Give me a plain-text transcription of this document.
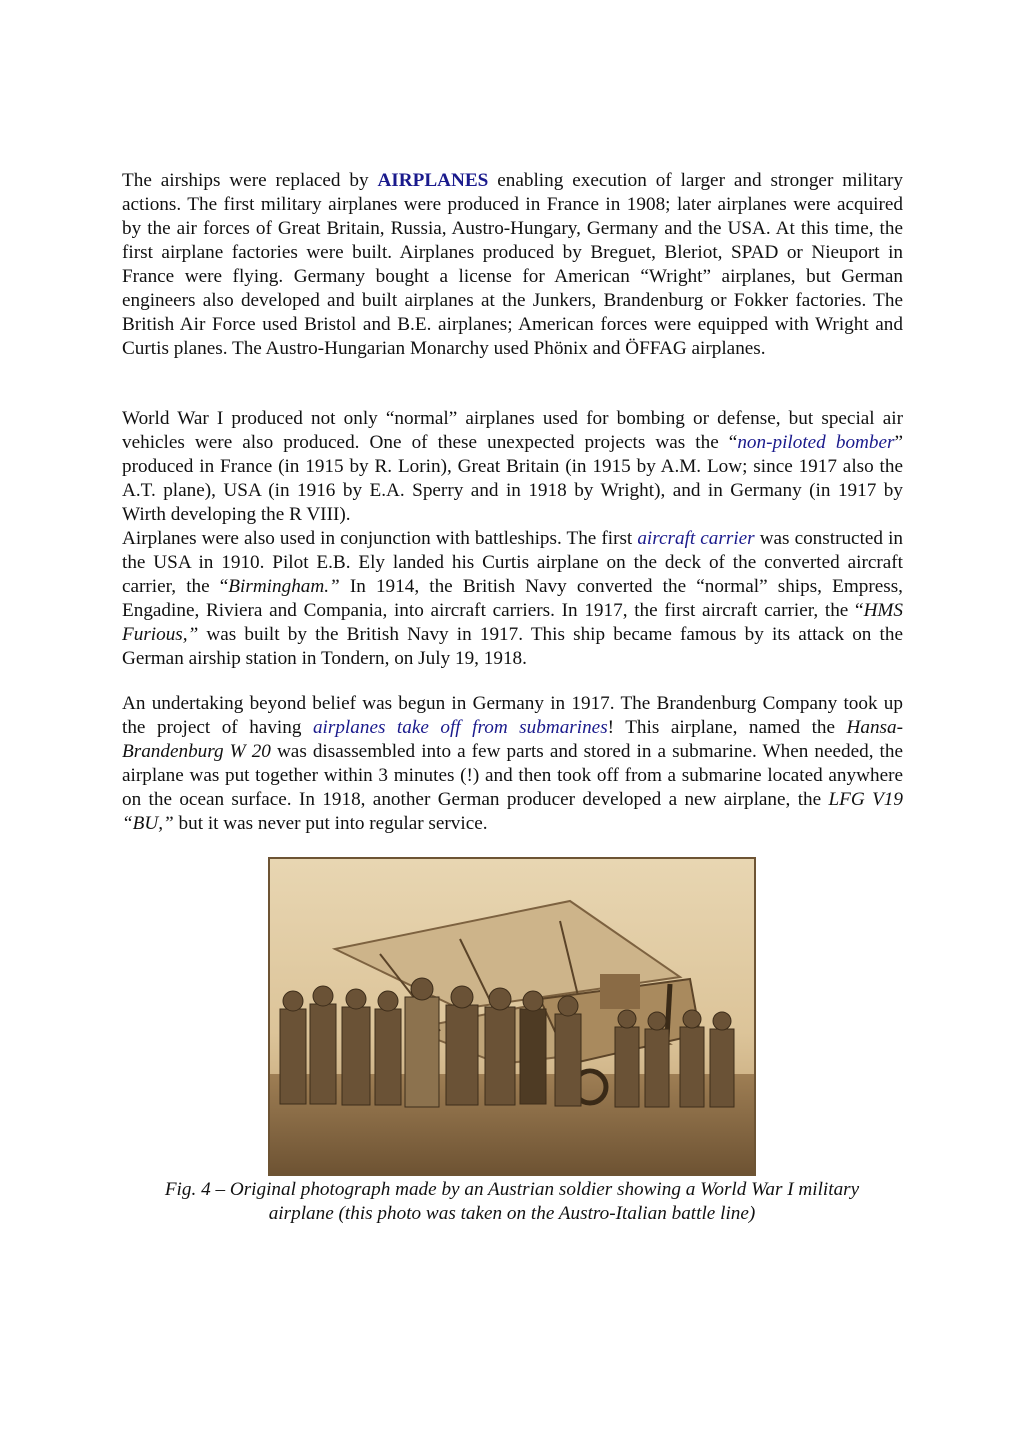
The airships were replaced by AIRPLANES enabling execution of larger and stronger military actions. The first military airplanes were produced in France in 1908; later airplanes were acquired by the air forces of Great Britain, Russia, Austro-Hungary, Germany and the USA. At this time, the first airplane factories were built. Airplanes produced by Breguet, Bleriot, SPAD or Nieuport in France were flying. Germany bought a license for American “Wright” airplanes, but German engineers also developed and built airplanes at the Junkers, Brandenburg or Fokker factories. The British Air Force used Bristol and B.E. airplanes; American forces were equipped with Wright and Curtis planes. The Austro-Hungarian Monarchy used Phönix and ÖFFAG airplanes.
World War I produced not only “normal” airplanes used for bombing or defense, but special air vehicles were also produced. One of these unexpected projects was the “non-piloted bomber” produced in France (in 1915 by R. Lorin), Great Britain (in 1915 by A.M. Low; since 1917 also the A.T. plane), USA (in 1916 by E.A. Sperry and in 1918 by Wright), and in Germany (in 1917 by Wirth developing the R VIII).
Airplanes were also used in conjunction with battleships. The first aircraft carrier was constructed in the USA in 1910. Pilot E.B. Ely landed his Curtis airplane on the deck of the converted aircraft carrier, the “Birmingham.” In 1914, the British Navy converted the “normal” ships, Empress, Engadine, Riviera and Compania, into aircraft carriers. In 1917, the first aircraft carrier, the “HMS Furious,” was built by the British Navy in 1917. This ship became famous by its attack on the German airship station in Tondern, on July 19, 1918.
An undertaking beyond belief was begun in Germany in 1917. The Brandenburg Company took up the project of having airplanes take off from submarines! This airplane, named the Hansa-Brandenburg W 20 was disassembled into a few parts and stored in a submarine. When needed, the airplane was put together within 3 minutes (!) and then took off from a submarine located anywhere on the ocean surface. In 1918, another German producer developed a new airplane, the LFG V19 “BU,” but it was never put into regular service.
Fig. 4 – Original photograph made by an Austrian soldier showing a World War I military
airplane (this photo was taken on the Austro-Italian battle line)
